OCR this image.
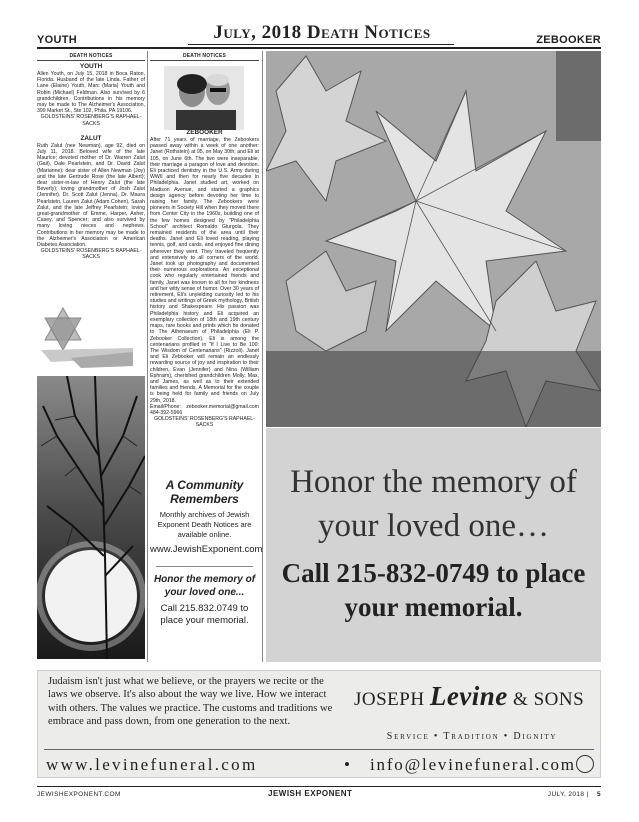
YOUTH	July, 2018 Death Notices	ZEBOOKER
DEATH NOTICES	DEATH NOTICES
YOUTH
Allen Youth, on July 15, 2018 in Boca Raton, Florida. Husband of the late Linda. Father of Lane (Elaine) Youth, Marc (Maria) Youth and Robin (Michael) Feldman. Also survived by 6 grandchildren. Contributions in his memory may be made to The Alzheimer's Association, 399 Market St., Ste 102, Phila. PA 19106.
GOLDSTEINS' ROSENBERG'S RAPHAEL-SACKS
ZALUT
Ruth Zalut (nee Newman), age 92, died on July 11, 2018. Beloved wife of the late Maurice; devoted mother of Dr. Warren Zalut (Gail), Dale Pearlstein, and Dr. David Zalut (Marianne); dear sister of Allen Newman (Joy) and the late Gertrude Rose (the late Albert); dear sister-in-law of Henry Zalut (the late Beverly); loving grandmother of Josh Zalut (Jennifer), Dr. Scott Zalut (Jenna), Dr. Maura Pearlstein, Lauren Zalut (Adam Cohen), Sarah Zalut, and the late Jeffrey Pearlstein; loving great-grandmother of Emme, Harper, Asher, Casey, and Spencer; and also survived by many loving nieces and nephews. Contributions in her memory may be made to the Alzheimer's Association or American Diabetes Association.
GOLDSTEINS' ROSENBERG'S RAPHAEL-SACKS
ZEBOOKER
After 71 years of marriage, the Zebookers passed away within a week of one another: Janet (Rothstein) at 95, on May 30th; and Eli at 105, on June 6th. The two were inseparable, their marriage a paragon of love and devotion. Eli practiced dentistry in the U.S. Army during WWII and then for nearly five decades in Philadelphia. Janet studied art, worked on Madison Avenue, and started a graphics design agency before devoting her time to raising her family. The Zebookers were pioneers in Society Hill when they moved there from Center City in the 1960s, building one of the few homes designed by "Philadelphia School" architect Romaldo Giurgola. They remained residents of the area until their deaths. Janet and Eli loved reading, playing tennis, golf, and cards, and enjoyed fine dining wherever they went. They traveled frequently and extensively to all corners of the world. Janet took up photography and documented their numerous explorations. An exceptional cook who regularly entertained friends and family, Janet was known to all for her kindness and her witty sense of humor. Over 30 years of retirement, Eli's unyielding curiosity led to his studies and writings of Greek mythology, British history and Shakespeare. His passion was Philadelphia history and Eli acquired an exemplary collection of 18th and 19th century maps, rare books and prints which he donated to The Athenaeum of Philadelphia (Eli P. Zebooker Collection). Eli is among the centenarians profiled in "If I Live to Be 100: The Wisdom of Centenarians" (Rizzoli). Janet and Eli Zebooker will remain an endlessly rewarding source of joy and inspiration to their children, Evan (Jennifer) and Nina (William Ephraim), cherished grandchildren Molly, Max, and James, as well as to their extended families and friends. A Memorial for the couple is being held for family and friends on July 29th, 2018.
Email/Phone: zebooker.memorial@gmail.com 484-392-5966
GOLDSTEINS' ROSENBERG'S RAPHAEL-SACKS
A Community Remembers
Monthly archives of Jewish Exponent Death Notices are available online.
www.JewishExponent.com
Honor the memory of your loved one...
Call 215.832.0749 to place your memorial.
Honor the memory of your loved one…
Call 215-832-0749 to place your memorial.
Judaism isn't just what we believe, or the prayers we recite or the laws we observe. It's also about the way we live. How we interact with others. The values we practice. The customs and traditions we embrace and pass down, from one generation to the next.
JOSEPH Levine & SONS
Service • Tradition • Dignity
www.levinefuneral.com	• info@levinefuneral.com
JEWISHEXPONENT.COM	JEWISH EXPONENT	JULY, 2018 | 5
